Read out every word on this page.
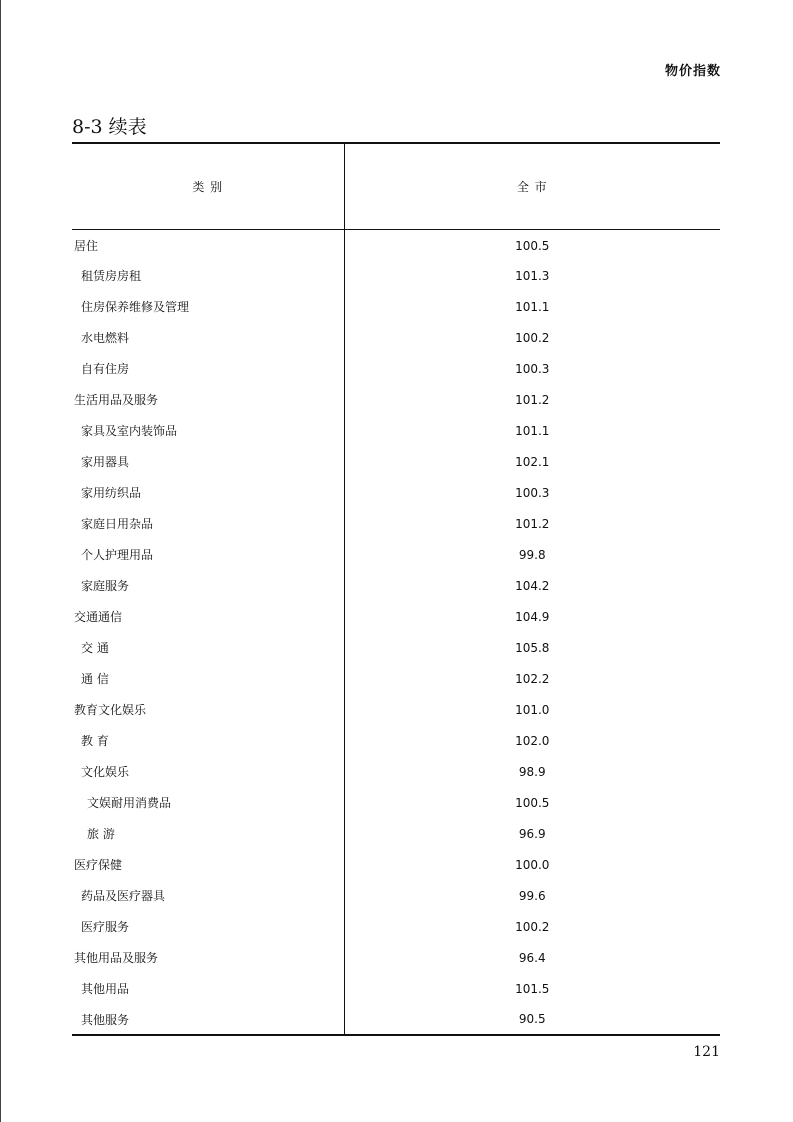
物价指数
8-3 续表
类 别	全 市
居住	100.5
租赁房房租	101.3
住房保养维修及管理	101.1
水电燃料	100.2
自有住房	100.3
生活用品及服务	101.2
家具及室内装饰品	101.1
家用器具	102.1
家用纺织品	100.3
家庭日用杂品	101.2
个人护理用品	99.8
家庭服务	104.2
交通通信	104.9
交 通	105.8
通 信	102.2
教育文化娱乐	101.0
教 育	102.0
文化娱乐	98.9
文娱耐用消费品	100.5
旅 游	96.9
医疗保健	100.0
药品及医疗器具	99.6
医疗服务	100.2
其他用品及服务	96.4
其他用品	101.5
其他服务	90.5
121
